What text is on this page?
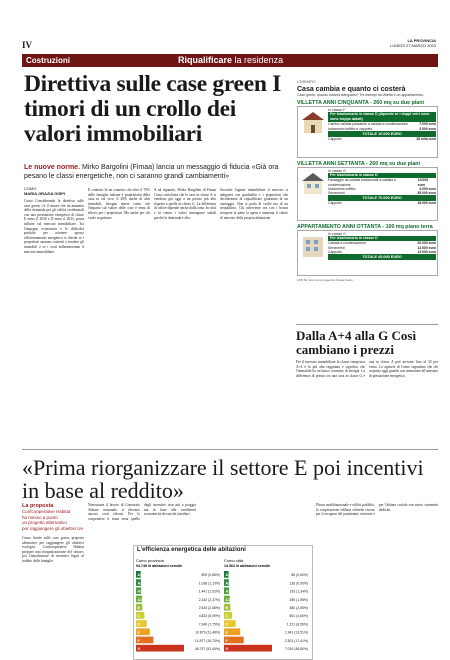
IV	LA PROVINCIA
LUNEDÌ 27 MARZO 2023
Costruzioni	Riqualificare la residenza
Direttiva sulle case green I timori di un crollo dei valori immobiliari
Le nuove norme. Mirko Bargolini (Fimaa) lancia un messaggio di fiducia «Già ora pesano le classi energetiche, non ci saranno grandi cambiamenti»
COMO
MARIA GRAZIA GISPI
Como Considerando la direttiva sulle case green, c'è il timore che un aumento della domanda per gli edifici residenziali con una prestazione energetica di classe E entro il 2030 e D entro il 2033, possa influire sul mercato immobiliare. Tra l'impegno economico e le difficoltà pratiche per ottenere questo efficientamento energetico si chiede se i proprietari saranno costretti a vendere gli immobili o se i costi influenzeranno il mercato immobiliare.
Il contesto In un contesto che oltre il 70% delle famiglie italiane è proprietaria della casa in cui vive, il 20% anche di altri immobili, bisogna tenere conto che l'impatto sul valore delle case è tema di rilievo per i proprietari. Ma anche per chi vuole acquistare.
A tal riguardo, Mirko Bargolini di Fimaa Como sottolinea che le case in classe A si vendono già oggi a un prezzo più alto rispetto a quelle in classe G. La differenza di valore dipende anche dalla zona. In città e in centro i valori rimangono stabili perché la domanda è alta.
Secondo l'agente immobiliare il mercato si adeguerà con gradualità e i proprietari che decideranno di riqualificare godranno di un vantaggio. Non si parla di crollo ma di un riequilibrio. Chi interviene ora con i bonus recupera in parte la spesa e aumenta il valore di mercato della propria abitazione.
L'ESEMPIO
Casa cambia e quanto ci costerà
Case green, quanto costerà adeguarsi? Tre esempi tra villetta e un appartamento.
VILLETTA ANNI CINQUANTA - 260 mq su due piani
In classe F
Per trasformarla in classe D (dipende se i doppi vetri sono sono troppo datati)
Cambio caldaia passando a caldaia a condensazione	7.000 euro
Isolamento soffitto e cappotto	3.500 euro
TOTALE 10.000 EURO
Cappotto	28 mila euro
VILLETTA ANNI SETTANTA - 260 mq su due piani
In classe G
Per trasformarla in classe D
Passaggio da caldaia tradizionale a caldaia a condensazione
15.000 euro
Isolamento soffitto	3.000 euro
Serramenti	35.000 euro
TOTALE 70.000 EURO
Cappotto	18.000 euro
APPARTAMENTO ANNI OTTANTA - 100 mq piano terra
In classe G
Per trasformarlo in classe D
Caldaia a condensazione	20.000 euro
Serramenti	12.000 euro
Cappotto	13.000 euro
TOTALE 45.000 EURO
FONTE: Anci Como Agenzie Fimaa Como
Dalla A+4 alla G Così cambiano i prezzi
Per il mercato immobiliare la classe energetica A+4 è la più alta raggiunta e significa che l'immobile ha un basso consumo di energia. La differenza di prezzo tra una casa in classe G e una in classe A può arrivare fino al 30 per cento. Le agenzie di Como segnalano che chi acquista oggi guarda con attenzione all'attestato di prestazione energetica.
«Prima riorganizzare il settore E poi incentivi in base al reddito»
La proposta
Confcooperative Habitat
ha messo a punto
un progetto alternativo
per raggiungere gli obiettivi Ue
Como Anche sulle case green, proposte alternative per raggiungere gli obiettivi ecologici. Confcooperative Habitat propone una riorganizzazione del settore, poi l'introduzione di incentivi legati al reddito delle famiglie.
Nonostante il lavoro di Consorzio Abitare comunale, si rilevano ancora costi elevati. Per le cooperative il tema resta quello degli incentivi: non più a pioggia ma in base alle condizioni economiche dei nuclei familiari.
Plesso multifunzionale e edifici pubblici, la cooperazione edilizia richiede risorse per il recupero del patrimonio esistente e per l'abitare sociale con nuovi strumenti dedicati.
L'efficienza energetica delle abitazioni
Como provincia
94.749 in abitazioni censite
A4	809 (0,85%)
A3	1.038 (1,10%)
A2	1.441 (1,52%)
A1	2.242 (2,37%)
B	2.543 (2,68%)
C	4.823 (5,09%)
D	7.340 (7,75%)
E	10.879 (11,48%)
F	14.877 (15,70%)
G	48.757 (51,46%)
Como città
14.364 in abitazioni censite
A4	86 (0,60%)
A3	136 (0,95%)
A2	193 (1,34%)
A1	285 (1,98%)
B	380 (2,65%)
C	661 (4,60%)
D	1.221 (8,50%)
E	1.941 (13,51%)
F	2.501 (17,41%)
G	7.010 (48,80%)
